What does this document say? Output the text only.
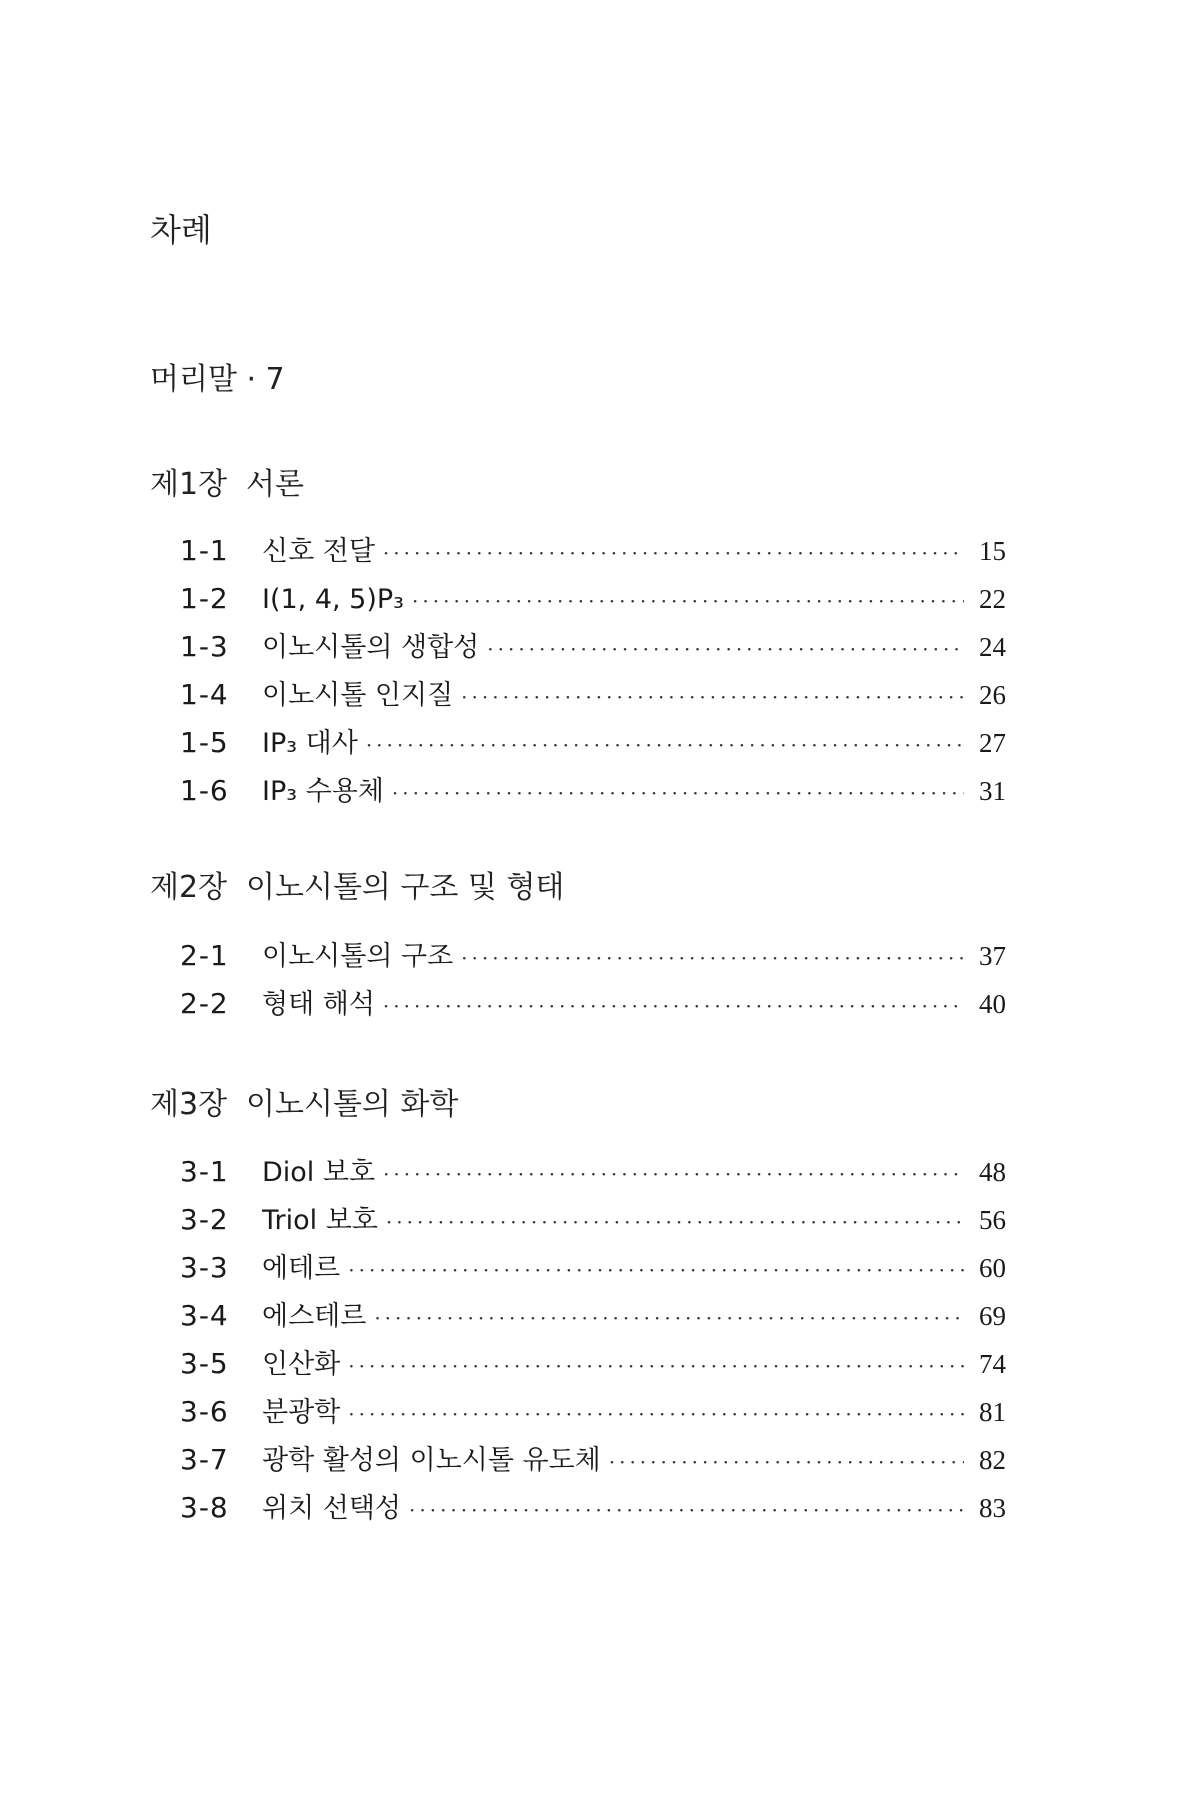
차례
머리말 · 7
제1장 서론
1-1	신호 전달 ·····	15
1-2	I(1, 4, 5)P₃ ·····	22
1-3	이노시톨의 생합성 ·····	24
1-4	이노시톨 인지질 ·····	26
1-5	IP₃ 대사 ·····	27
1-6	IP₃ 수용체 ·····	31
제2장 이노시톨의 구조 및 형태
2-1	이노시톨의 구조 ·····	37
2-2	형태 해석 ·····	40
제3장 이노시톨의 화학
3-1	Diol 보호 ·····	48
3-2	Triol 보호 ·····	56
3-3	에테르 ·····	60
3-4	에스테르 ·····	69
3-5	인산화 ·····	74
3-6	분광학 ·····	81
3-7	광학 활성의 이노시톨 유도체 ·····	82
3-8	위치 선택성 ·····	83
